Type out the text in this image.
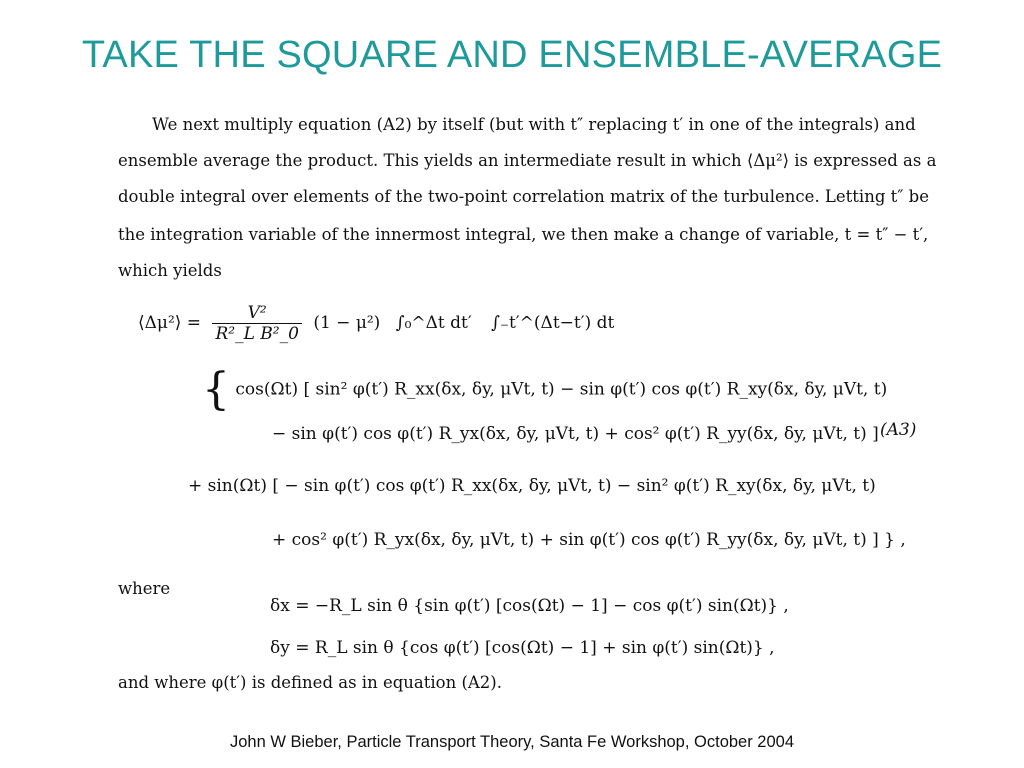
TAKE THE SQUARE AND ENSEMBLE-AVERAGE
We next multiply equation (A2) by itself (but with t″ replacing t′ in one of the integrals) and
ensemble average the product. This yields an intermediate result in which ⟨Δμ²⟩ is expressed as a
double integral over elements of the two-point correlation matrix of the turbulence. Letting t″ be
the integration variable of the innermost integral, we then make a change of variable, t = t″ − t′,
which yields
⟨Δμ²⟩ = $\frac{\text{V²}}{\text{R²\_L B²\_0}} (1 - \mu^2)$ ∫₀^Δt dt′ ∫₋t′^(Δt−t′) dt
{ cos(Ωt) [ sin² φ(t′) R_xx(δx, δy, μVt, t) − sin φ(t′) cos φ(t′) R_xy(δx, δy, μVt, t)
− sin φ(t′) cos φ(t′) R_yx(δx, δy, μVt, t) + cos² φ(t′) R_yy(δx, δy, μVt, t) ] (A3)
+ sin(Ωt) [ − sin φ(t′) cos φ(t′) R_xx(δx, δy, μVt, t) − sin² φ(t′) R_xy(δx, δy, μVt, t)
+ cos² φ(t′) R_yx(δx, δy, μVt, t) + sin φ(t′) cos φ(t′) R_yy(δx, δy, μVt, t) ] } ,
where
δx = −R_L sin θ {sin φ(t′) [cos(Ωt) − 1] − cos φ(t′) sin(Ωt)} ,
δy = R_L sin θ {cos φ(t′) [cos(Ωt) − 1] + sin φ(t′) sin(Ωt)} ,
and where φ(t′) is defined as in equation (A2).
John W Bieber, Particle Transport Theory, Santa Fe Workshop, October 2004
